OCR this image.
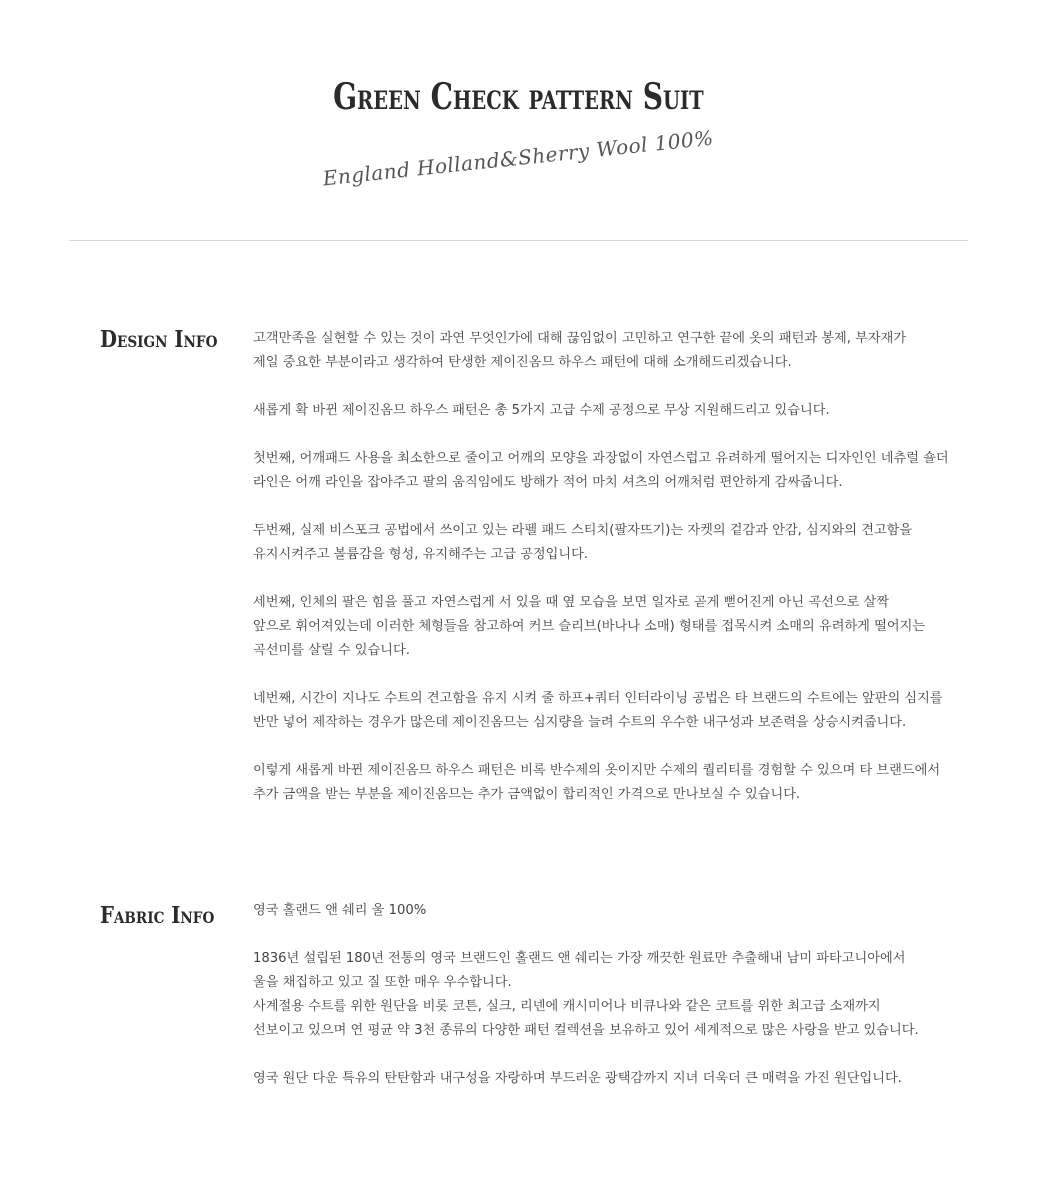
Green Check pattern Suit
England Holland&Sherry Wool 100%
Design Info	고객만족을 실현할 수 있는 것이 과연 무엇인가에 대해 끊임없이 고민하고 연구한 끝에 옷의 패턴과 봉제, 부자재가
제일 중요한 부분이라고 생각하여 탄생한 제이진옴므 하우스 패턴에 대해 소개해드리겠습니다.
새롭게 확 바뀐 제이진옴므 하우스 패턴은 총 5가지 고급 수제 공정으로 무상 지원해드리고 있습니다.
첫번째, 어깨패드 사용을 최소한으로 줄이고 어깨의 모양을 과장없이 자연스럽고 유려하게 떨어지는 디자인인 네츄럴 숄더
라인은 어깨 라인을 잡아주고 팔의 움직임에도 방해가 적어 마치 셔츠의 어깨처럼 편안하게 감싸줍니다.
두번째, 실제 비스포크 공법에서 쓰이고 있는 라펠 패드 스티치(팔자뜨기)는 자켓의 겉감과 안감, 심지와의 견고함을
유지시켜주고 볼륨감을 형성, 유지해주는 고급 공정입니다.
세번째, 인체의 팔은 힘을 풀고 자연스럽게 서 있을 때 옆 모습을 보면 일자로 곧게 뻗어진게 아닌 곡선으로 살짝
앞으로 휘어져있는데 이러한 체형들을 참고하여 커브 슬리브(바나나 소매) 형태를 접목시켜 소매의 유려하게 떨어지는
곡선미를 살릴 수 있습니다.
네번째, 시간이 지나도 수트의 견고함을 유지 시켜 줄 하프+쿼터 인터라이닝 공법은 타 브랜드의 수트에는 앞판의 심지를
반만 넣어 제작하는 경우가 많은데 제이진옴므는 심지량을 늘려 수트의 우수한 내구성과 보존력을 상승시켜줍니다.
이렇게 새롭게 바뀐 제이진옴므 하우스 패턴은 비록 반수제의 옷이지만 수제의 퀄리티를 경험할 수 있으며 타 브랜드에서
추가 금액을 받는 부분을 제이진옴므는 추가 금액없이 합리적인 가격으로 만나보실 수 있습니다.
Fabric Info	영국 홀랜드 앤 쉐리 울 100%
1836년 설립된 180년 전통의 영국 브랜드인 홀랜드 앤 쉐리는 가장 깨끗한 원료만 추출해내 남미 파타고니아에서
울을 채집하고 있고 질 또한 매우 우수합니다.
사계절용 수트를 위한 원단을 비롯 코튼, 실크, 리넨에 캐시미어나 비큐나와 같은 코트를 위한 최고급 소재까지
선보이고 있으며 연 평균 약 3천 종류의 다양한 패턴 컬렉션을 보유하고 있어 세계적으로 많은 사랑을 받고 있습니다.
영국 원단 다운 특유의 탄탄함과 내구성을 자랑하며 부드러운 광택감까지 지녀 더욱더 큰 매력을 가진 원단입니다.
